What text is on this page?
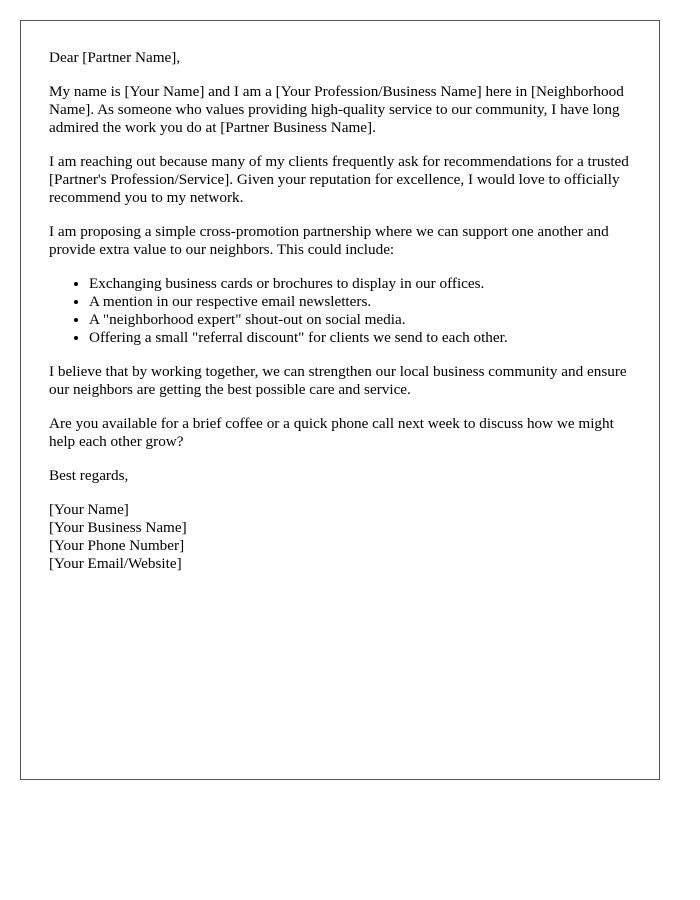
Dear [Partner Name],

My name is [Your Name] and I am a [Your Profession/Business Name] here in [Neighborhood Name]. As someone who values providing high-quality service to our community, I have long admired the work you do at [Partner Business Name].

I am reaching out because many of my clients frequently ask for recommendations for a trusted [Partner's Profession/Service]. Given your reputation for excellence, I would love to officially recommend you to my network.

I am proposing a simple cross-promotion partnership where we can support one another and provide extra value to our neighbors. This could include:

• Exchanging business cards or brochures to display in our offices.
• A mention in our respective email newsletters.
• A "neighborhood expert" shout-out on social media.
• Offering a small "referral discount" for clients we send to each other.

I believe that by working together, we can strengthen our local business community and ensure our neighbors are getting the best possible care and service.

Are you available for a brief coffee or a quick phone call next week to discuss how we might help each other grow?

Best regards,

[Your Name]
[Your Business Name]
[Your Phone Number]
[Your Email/Website]
